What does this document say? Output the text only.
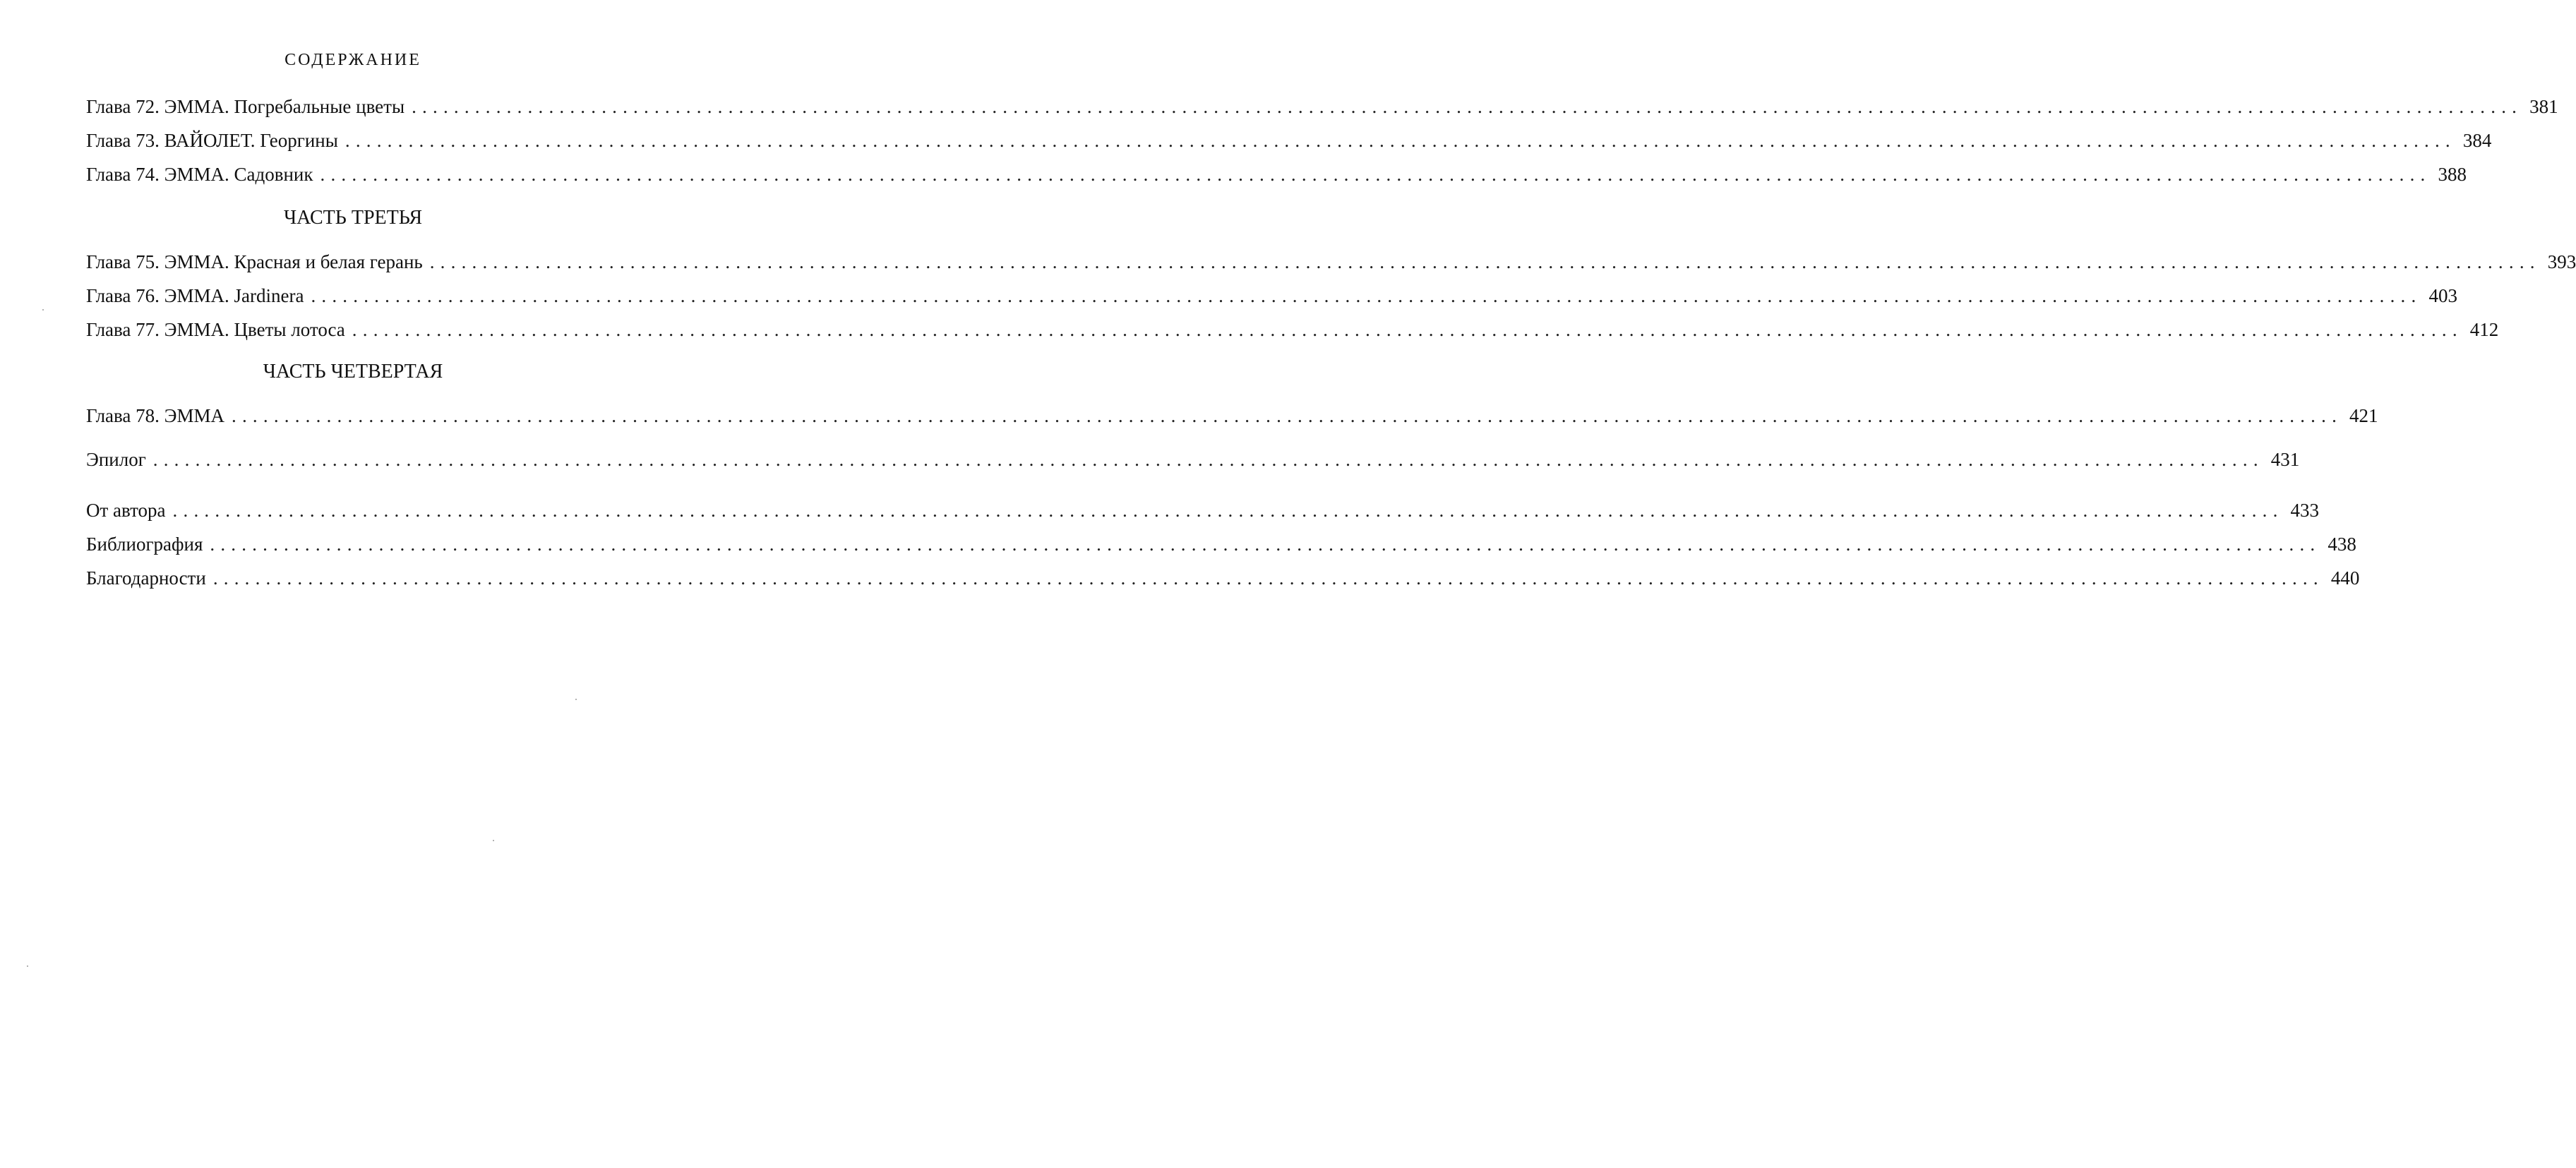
СОДЕРЖАНИЕ
Глава 72. ЭММА. Погребальные цветы ........................................................................................................................................................................................................ 381
Глава 73. ВАЙОЛЕТ. Георгины ........................................................................................................................................................................................................ 384
Глава 74. ЭММА. Садовник ........................................................................................................................................................................................................ 388
ЧАСТЬ ТРЕТЬЯ
Глава 75. ЭММА. Красная и белая герань ........................................................................................................................................................................................................ 393
Глава 76. ЭММА. Jardinera ........................................................................................................................................................................................................ 403
Глава 77. ЭММА. Цветы лотоса ........................................................................................................................................................................................................ 412
ЧАСТЬ ЧЕТВЕРТАЯ
Глава 78. ЭММА ........................................................................................................................................................................................................ 421
Эпилог ........................................................................................................................................................................................................ 431
От автора ........................................................................................................................................................................................................ 433
Библиография ........................................................................................................................................................................................................ 438
Благодарности ........................................................................................................................................................................................................ 440
